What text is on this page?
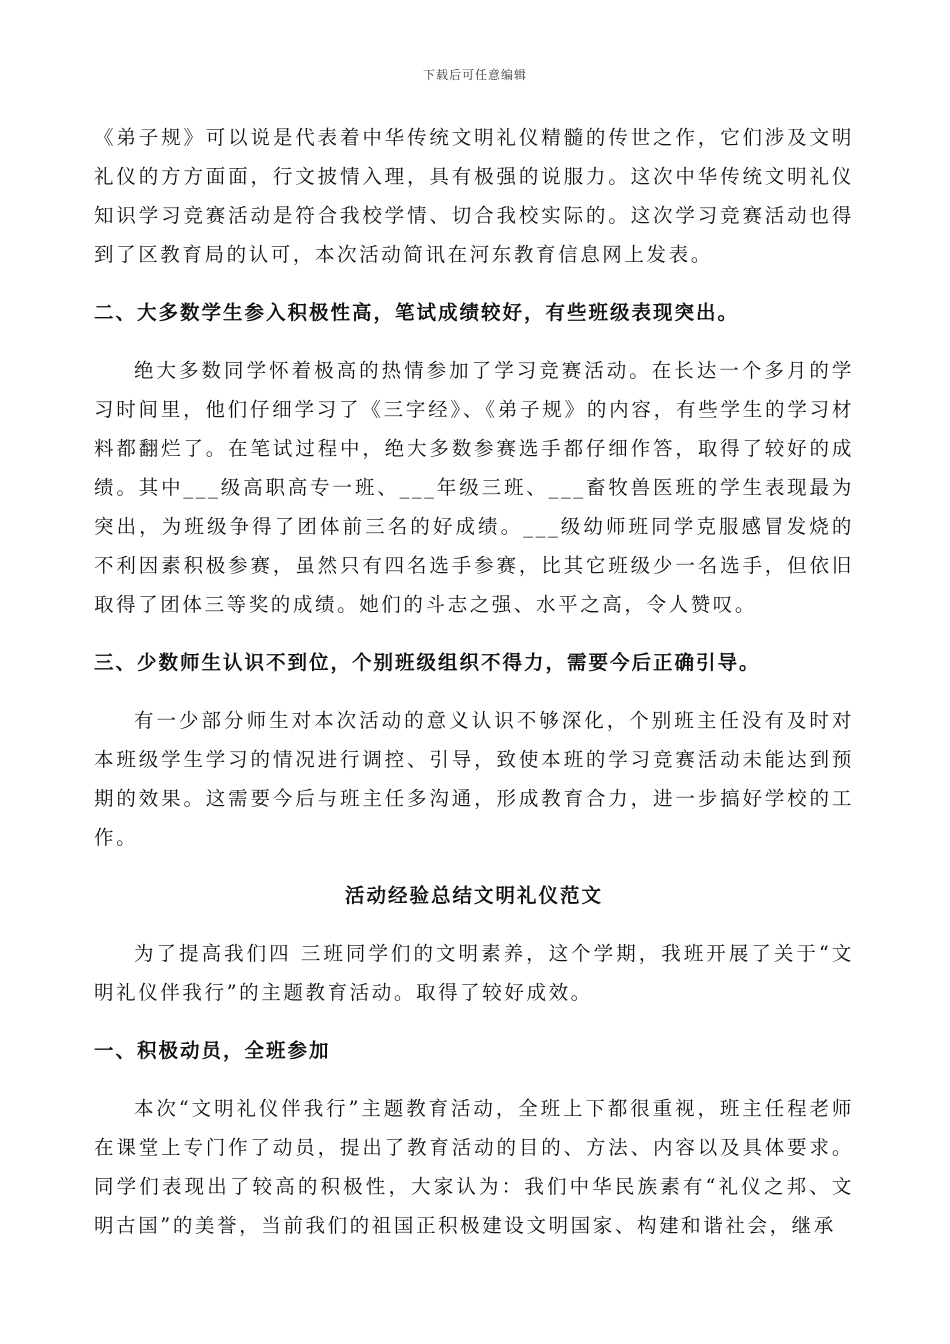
下载后可任意编辑

《弟子规》可以说是代表着中华传统文明礼仪精髓的传世之作，它们涉及文明礼仪的方方面面，行文披情入理，具有极强的说服力。这次中华传统文明礼仪知识学习竞赛活动是符合我校学情、切合我校实际的。这次学习竞赛活动也得到了区教育局的认可，本次活动简讯在河东教育信息网上发表。

二、大多数学生参入积极性高，笔试成绩较好，有些班级表现突出。

绝大多数同学怀着极高的热情参加了学习竞赛活动。在长达一个多月的学习时间里，他们仔细学习了《三字经》、《弟子规》的内容，有些学生的学习材料都翻烂了。在笔试过程中，绝大多数参赛选手都仔细作答，取得了较好的成绩。其中___级高职高专一班、___年级三班、___畜牧兽医班的学生表现最为突出，为班级争得了团体前三名的好成绩。___级幼师班同学克服感冒发烧的不利因素积极参赛，虽然只有四名选手参赛，比其它班级少一名选手，但依旧取得了团体三等奖的成绩。她们的斗志之强、水平之高，令人赞叹。

三、少数师生认识不到位，个别班级组织不得力，需要今后正确引导。

有一少部分师生对本次活动的意义认识不够深化，个别班主任没有及时对本班级学生学习的情况进行调控、引导，致使本班的学习竞赛活动未能达到预期的效果。这需要今后与班主任多沟通，形成教育合力，进一步搞好学校的工作。

活动经验总结文明礼仪范文

为了提高我们四 三班同学们的文明素养，这个学期，我班开展了关于“文明礼仪伴我行”的主题教育活动。取得了较好成效。

一、积极动员，全班参加

本次“文明礼仪伴我行”主题教育活动，全班上下都很重视，班主任程老师在课堂上专门作了动员，提出了教育活动的目的、方法、内容以及具体要求。同学们表现出了较高的积极性，大家认为：我们中华民族素有“礼仪之邦、文明古国”的美誉，当前我们的祖国正积极建设文明国家、构建和谐社会，继承
